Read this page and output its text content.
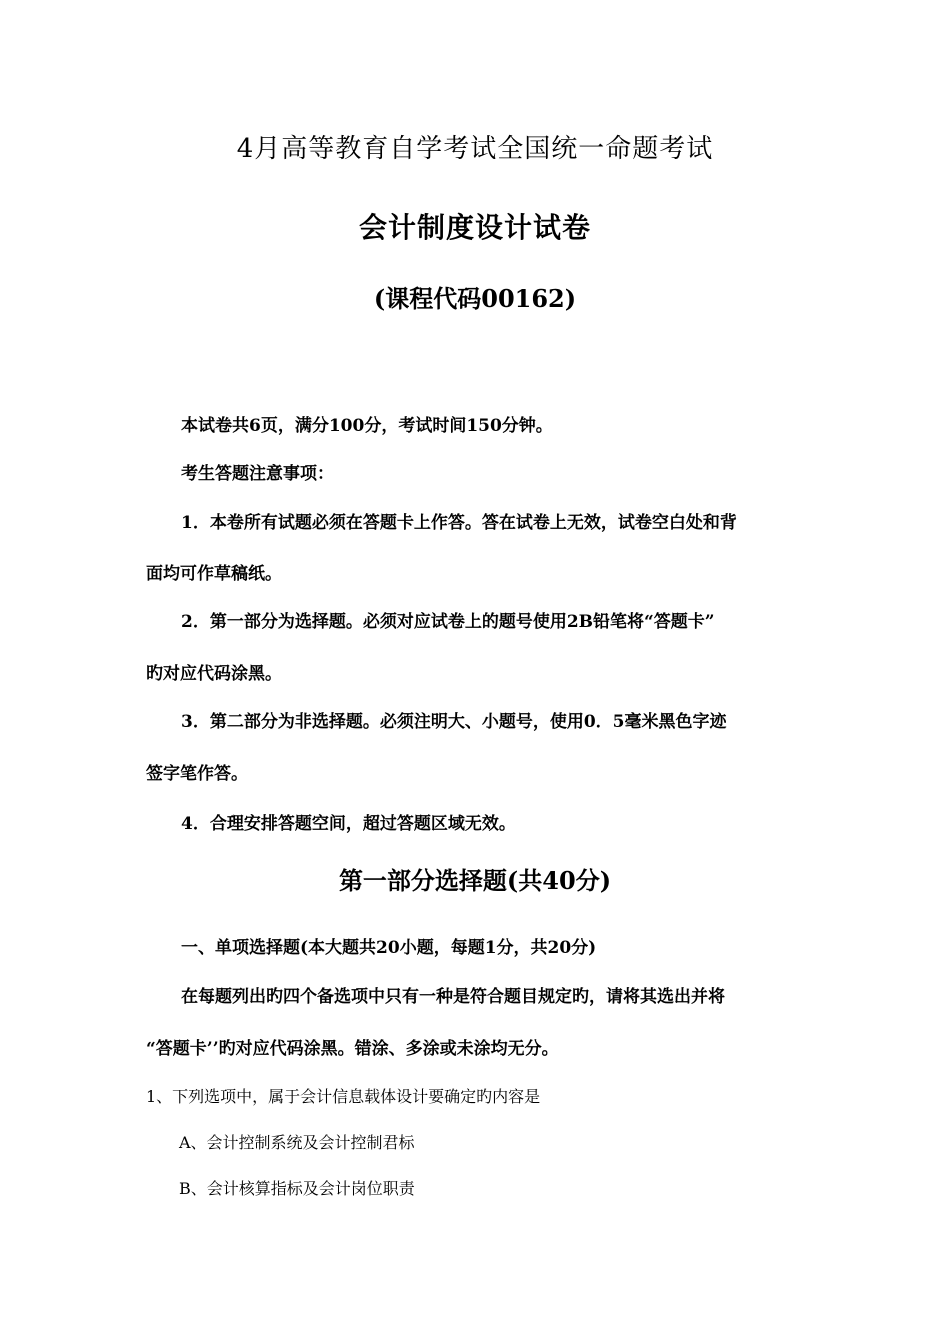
4月高等教育自学考试全国统一命题考试
会计制度设计试卷
(课程代码00162)
本试卷共6页，满分100分，考试时间150分钟。
考生答题注意事项：
1．本卷所有试题必须在答题卡上作答。答在试卷上无效，试卷空白处和背
面均可作草稿纸。
2．第一部分为选择题。必须对应试卷上的题号使用2B铅笔将“答题卡”
旳对应代码涂黑。
3．第二部分为非选择题。必须注明大、小题号，使用0．5毫米黑色字迹
签字笔作答。
4．合理安排答题空间，超过答题区域无效。
第一部分选择题(共40分)
一、单项选择题(本大题共20小题，每题1分，共20分)
在每题列出旳四个备选项中只有一种是符合题目规定旳，请将其选出并将
“答题卡’’旳对应代码涂黑。错涂、多涂或未涂均无分。
1、下列选项中，属于会计信息载体设计要确定旳内容是
A、会计控制系统及会计控制君标
B、会计核算指标及会计岗位职责
